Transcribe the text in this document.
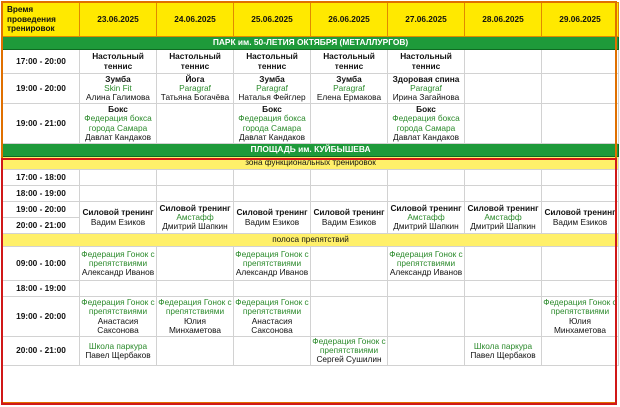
Время проведения тренировок	23.06.2025	24.06.2025	25.06.2025	26.06.2025	27.06.2025	28.06.2025	29.06.2025
ПАРК им. 50-ЛЕТИЯ ОКТЯБРЯ (МЕТАЛЛУРГОВ)							
17:00 - 20:00	Настольный теннис	Настольный теннис	Настольный теннис	Настольный теннис	Настольный теннис		

19:00 - 20:00	Зумба
Skin Fit
Алина Галимова	Йога
Paragraf
Татьяна Богачёва	Зумба
Paragraf
Наталья Фейглер	Зумба
Paragraf
Елена Ермакова	Здоровая спина
Paragraf
Ирина Загайнова		

19:00 - 21:00	Бокс
Федерация бокса города Самара
Давлат Кандаков		Бокс
Федерация бокса города Самара
Давлат Кандаков		Бокс
Федерация бокса города Самара
Давлат Кандаков		

ПЛОЩАДЬ им. КУЙБЫШЕВА							
зона функциональных тренировок							
17:00 - 18:00							
18:00 - 19:00							
19:00 - 20:00	Силовой тренинг
Вадим Езиков	Силовой тренинг
Амстафф
Дмитрий Шапкин	Силовой тренинг
Вадим Езиков	Силовой тренинг
Вадим Езиков	Силовой тренинг
Амстафф
Дмитрий Шапкин	Силовой тренинг
Амстафф
Дмитрий Шапкин	Силовой тренинг
Вадим Езиков

20:00 - 21:00							
полоса препятствий							
09:00 - 10:00	Федерация Гонок с препятствиями
Александр Иванов		Федерация Гонок с препятствиями
Александр Иванов		Федерация Гонок с препятствиями
Александр Иванов		

18:00 - 19:00							
19:00 - 20:00	Федерация Гонок с препятствиями
Анастасия Саксонова	Федерация Гонок с препятствиями
Юлия Минхаметова	Федерация Гонок с препятствиями
Анастасия Саксонова				Федерация Гонок с препятствиями
Юлия Минхаметова

20:00 - 21:00	Школа паркура
Павел Щербаков			Федерация Гонок с препятствиями
Сергей Сушилин		Школа паркура
Павел Щербаков	
